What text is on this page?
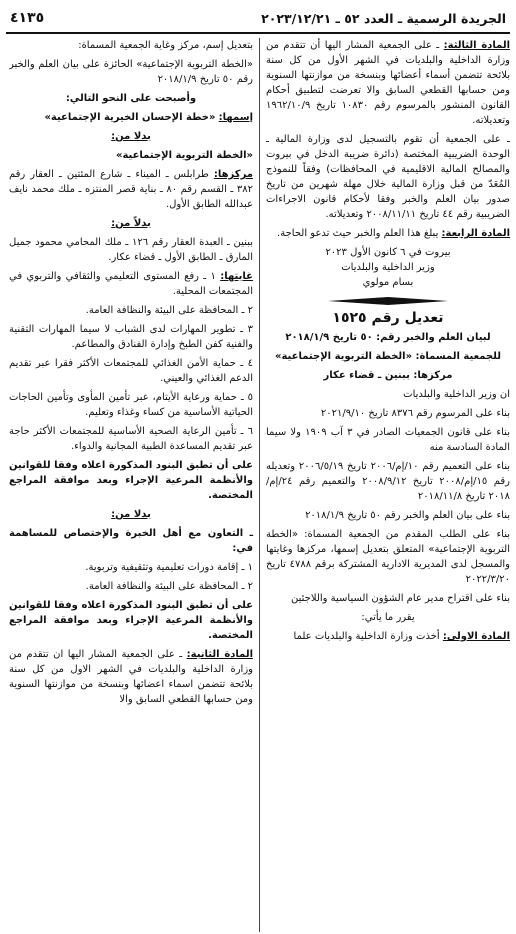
الجريدة الرسمية ـ العدد ٥٢ ـ ٢٠٢٣/١٢/٢١
٤١٣٥

المادة الثالثة: ـ على الجمعية المشار اليها أن تتقدم من وزارة الداخلية والبلديات في الشهر الأول من كل سنة بلائحة تتضمن أسماء أعضائها وبنسخة من موازنتها السنوية ومن حسابها القطعي السابق والا تعرضت لتطبيق أحكام القانون المنشور بالمرسوم رقم ١٠٨٣٠ تاريخ ١٩٦٢/١٠/٩ وتعديلاته.

ـ على الجمعية أن تقوم بالتسجيل لدى وزارة المالية ـ الوحدة الضريبية المختصة (دائرة ضريبة الدخل في بيروت والمصالح المالية الاقليمية في المحافظات) وفقاً للنموذج المُعَدّ من قبل وزارة المالية خلال مهلة شهرين من تاريخ صدور بيان العلم والخبر وفقا لأحكام قانون الاجراءات الضريبية رقم ٤٤ تاريخ ٢٠٠٨/١١/١١ وتعديلاته.

المادة الرابعة: يبلغ هذا العلم والخبر حيث تدعو الحاجة.

بيروت في ٦ كانون الأول ٢٠٢٣

وزير الداخلية والبلديات

بسام مولوي

تعديل رقم ١٥٢٥

لبيان العلم والخبر رقم: ٥٠ تاريخ ٢٠١٨/١/٩

للجمعية المسماة: «الخطة التربوية الإجتماعية»

مركزها: ببنين ـ قضاء عكار

ان وزير الداخلية والبلديات

بناء على المرسوم رقم ٨٣٧٦ تاريخ ٢٠٢١/٩/١٠

بناء على قانون الجمعيات الصادر في ٣ آب ١٩٠٩ ولا سيما المادة السادسة منه

بناء على التعميم رقم ١٠/إم/٢٠٠٦ تاريخ ٢٠٠٦/٥/١٩ وتعديله رقم ١٥/إم/٢٠٠٨ تاريخ ٢٠٠٨/٩/١٢ والتعميم رقم ٢٤/إم/٢٠١٨ تاريخ ٢٠١٨/١١/٨

بناء على بيان العلم والخبر رقم ٥٠ تاريخ ٢٠١٨/١/٩

بناء على الطلب المقدم من الجمعية المسماة: «الخطة التربوية الإجتماعية» المتعلق بتعديل إسمها، مركزها وغايتها والمسجل لدى المديرية الادارية المشتركة برقم ٤٧٨٨ تاريخ ٢٠٢٢/٣/٢٠

بناء على اقتراح مدير عام الشؤون السياسية واللاجئين

يقرر ما يأتي:

المادة الاولى: أخذت وزارة الداخلية والبلديات علما

بتعديل إسم، مركز وغاية الجمعية المسماة:

«الخطة التربوية الإجتماعية» الحائزة على بيان العلم والخبر رقم ٥٠ تاريخ ٢٠١٨/١/٩

وأصبحت على النحو التالي:

إسمها: «خطة الإحسان الخيرية الإجتماعية»

بدلا من:

«الخطة التربوية الإجتماعية»

مركزها: طرابلس ـ الميناء ـ شارع المئتين ـ العقار رقم ٣٨٢ ـ القسم رقم ٨٠ ـ بناية قصر المنتزه ـ ملك محمد نايف عبدالله الطابق الأول.

بدلاً من:

ببنين ـ العبدة العقار رقم ١٢٦ ـ ملك المحامي محمود جميل المارق ـ الطابق الأول ـ قضاء عكار.

غايتها: ١ ـ رفع المستوى التعليمي والثقافي والتربوي في المجتمعات المحلية.

٢ ـ المحافظة على البيئة والنظافة العامة.

٣ ـ تطوير المهارات لدى الشباب لا سيما المهارات التقنية والفنية كفن الطبخ وإدارة الفنادق والمطاعم.

٤ ـ حماية الأمن الغذائي للمجتمعات الأكثر فقرا عبر تقديم الدعم الغذائي والعيني.

٥ ـ حماية ورعاية الأيتام، عبر تأمين المأوى وتأمين الحاجات الحياتية الأساسية من كساء وغذاء وتعليم.

٦ ـ تأمين الرعاية الصحية الأساسية للمجتمعات الأكثر حاجة عبر تقديم المساعدة الطبية المجانية والدواء.

على أن تطبق البنود المذكورة اعلاه وفقا للقوانين والأنظمة المرعية الإجراء وبعد موافقة المراجع المختصة.

بدلا من:

ـ التعاون مع أهل الخبرة والإختصاص للمساهمة في:

١ ـ إقامة دورات تعليمية وتثقيفية وتربوية.

٢ ـ المحافظة على البيئة والنظافة العامة.

على أن تطبق البنود المذكورة اعلاه وفقا للقوانين والأنظمة المرعية الإجراء وبعد موافقة المراجع المختصة.

المادة الثانية: ـ على الجمعية المشار اليها ان تتقدم من وزارة الداخلية والبلديات في الشهر الاول من كل سنة بلائحة تتضمن اسماء اعضائها وبنسخة من موازنتها السنوية ومن حسابها القطعي السابق والا
